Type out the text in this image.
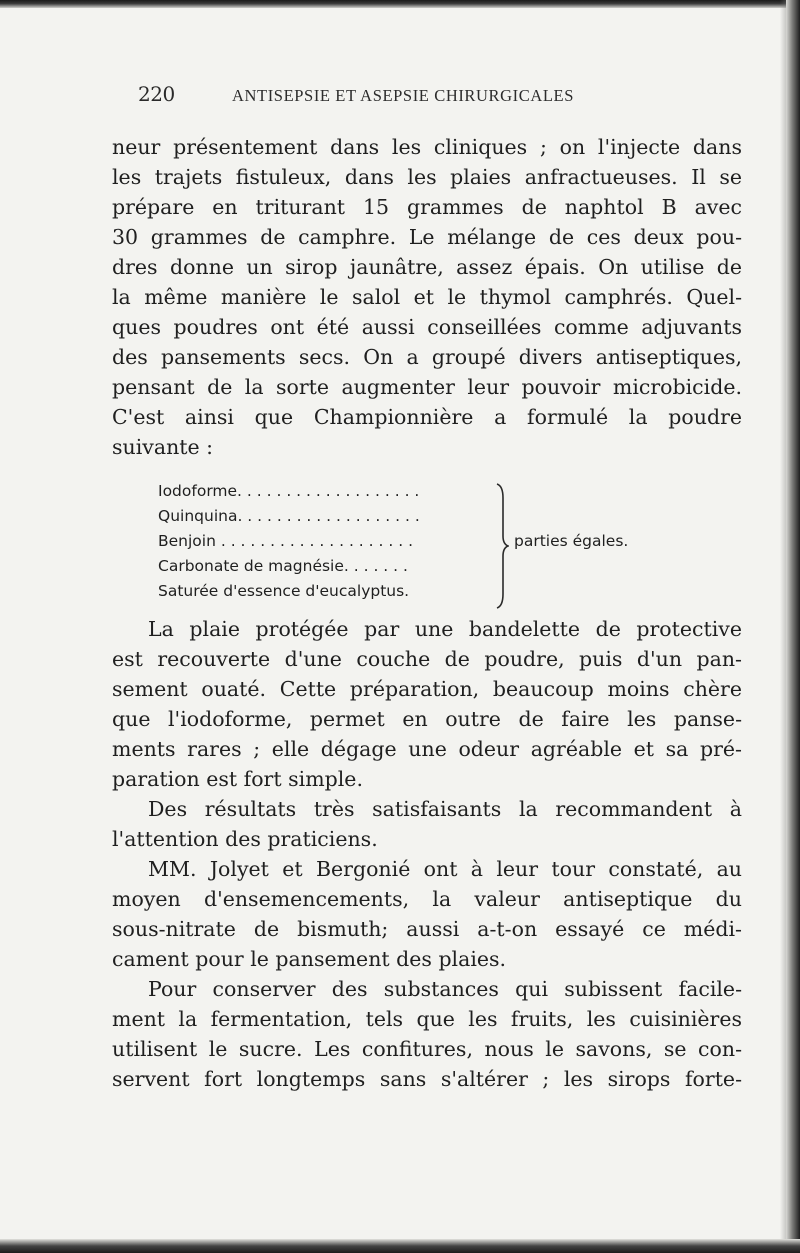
220	ANTISEPSIE ET ASEPSIE CHIRURGICALES
neur présentement dans les cliniques ; on l'injecte dans
les trajets fistuleux, dans les plaies anfractueuses. Il se
prépare en triturant 15 grammes de naphtol B avec
30 grammes de camphre. Le mélange de ces deux pou-
dres donne un sirop jaunâtre, assez épais. On utilise de
la même manière le salol et le thymol camphrés. Quel-
ques poudres ont été aussi conseillées comme adjuvants
des pansements secs. On a groupé divers antiseptiques,
pensant de la sorte augmenter leur pouvoir microbicide.
C'est ainsi que Championnière a formulé la poudre
suivante :
Iodoforme. . . . . . . . . . . . . . . . . . .
Quinquina. . . . . . . . . . . . . . . . . . .
Benjoin . . . . . . . . . . . . . . . . . . . .
Carbonate de magnésie. . . . . . .
Saturée d'essence d'eucalyptus.
parties égales.
La plaie protégée par une bandelette de protective
est recouverte d'une couche de poudre, puis d'un pan-
sement ouaté. Cette préparation, beaucoup moins chère
que l'iodoforme, permet en outre de faire les panse-
ments rares ; elle dégage une odeur agréable et sa pré-
paration est fort simple.
Des résultats très satisfaisants la recommandent à
l'attention des praticiens.
MM. Jolyet et Bergonié ont à leur tour constaté, au
moyen d'ensemencements, la valeur antiseptique du
sous-nitrate de bismuth; aussi a-t-on essayé ce médi-
cament pour le pansement des plaies.
Pour conserver des substances qui subissent facile-
ment la fermentation, tels que les fruits, les cuisinières
utilisent le sucre. Les confitures, nous le savons, se con-
servent fort longtemps sans s'altérer ; les sirops forte-
